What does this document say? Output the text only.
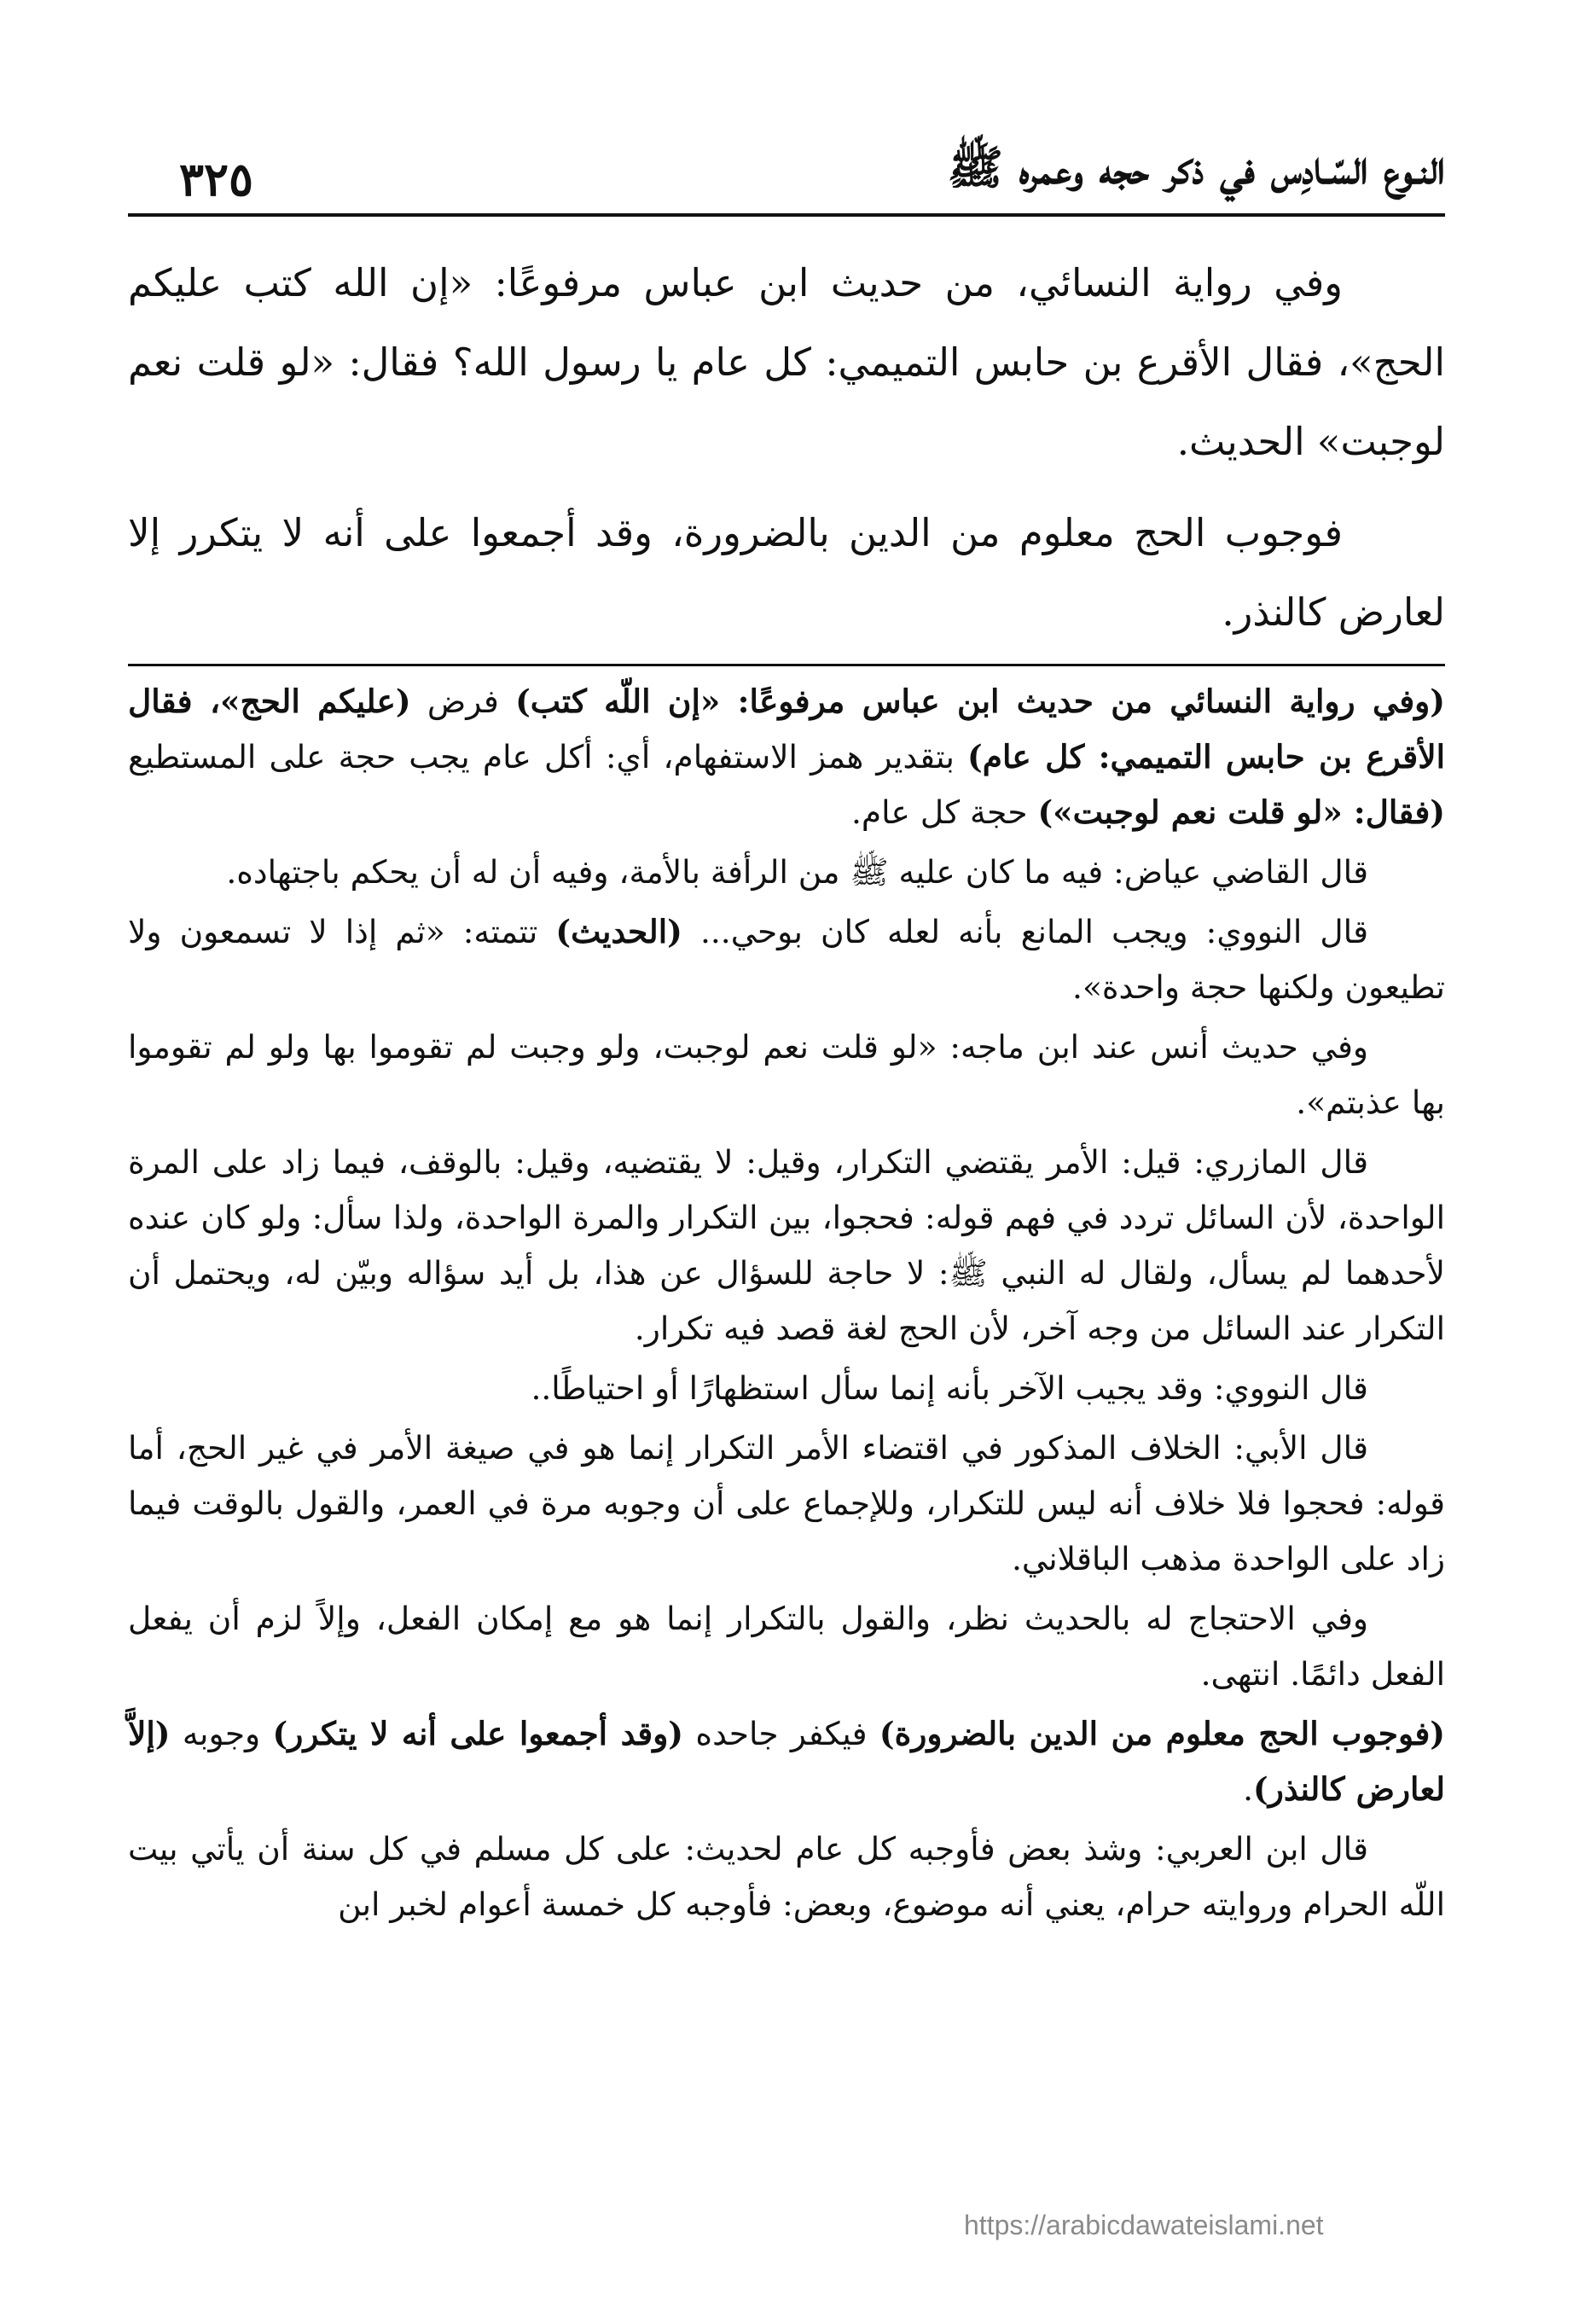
النـوع السّـادِس في ذكر حجه وعمره ﷺ
٣٢٥

وفي رواية النسائي، من حديث ابن عباس مرفوعًا: «إن الله كتب عليكم الحج»، فقال الأقرع بن حابس التميمي: كل عام يا رسول الله؟ فقال: «لو قلت نعم لوجبت» الحديث.

فوجوب الحج معلوم من الدين بالضرورة، وقد أجمعوا على أنه لا يتكرر إلا لعارض كالنذر.

(وفي رواية النسائي من حديث ابن عباس مرفوعًا: «إن اللّه كتب) فرض (عليكم الحج»، فقال الأقرع بن حابس التميمي: كل عام) بتقدير همز الاستفهام، أي: أكل عام يجب حجة على المستطيع (فقال: «لو قلت نعم لوجبت») حجة كل عام.

قال القاضي عياض: فيه ما كان عليه ﷺ من الرأفة بالأمة، وفيه أن له أن يحكم باجتهاده.

قال النووي: ويجب المانع بأنه لعله كان بوحي... (الحديث) تتمته: «ثم إذا لا تسمعون ولا تطيعون ولكنها حجة واحدة».

وفي حديث أنس عند ابن ماجه: «لو قلت نعم لوجبت، ولو وجبت لم تقوموا بها ولو لم تقوموا بها عذبتم».

قال المازري: قيل: الأمر يقتضي التكرار، وقيل: لا يقتضيه، وقيل: بالوقف، فيما زاد على المرة الواحدة، لأن السائل تردد في فهم قوله: فحجوا، بين التكرار والمرة الواحدة، ولذا سأل: ولو كان عنده لأحدهما لم يسأل، ولقال له النبي ﷺ: لا حاجة للسؤال عن هذا، بل أيد سؤاله وبيّن له، ويحتمل أن التكرار عند السائل من وجه آخر، لأن الحج لغة قصد فيه تكرار.

قال النووي: وقد يجيب الآخر بأنه إنما سأل استظهارًا أو احتياطًا..

قال الأبي: الخلاف المذكور في اقتضاء الأمر التكرار إنما هو في صيغة الأمر في غير الحج، أما قوله: فحجوا فلا خلاف أنه ليس للتكرار، وللإجماع على أن وجوبه مرة في العمر، والقول بالوقت فيما زاد على الواحدة مذهب الباقلاني.

وفي الاحتجاج له بالحديث نظر، والقول بالتكرار إنما هو مع إمكان الفعل، وإلاً لزم أن يفعل الفعل دائمًا. انتهى.

(فوجوب الحج معلوم من الدين بالضرورة) فيكفر جاحده (وقد أجمعوا على أنه لا يتكرر) وجوبه (إلاَّ لعارض كالنذر).

قال ابن العربي: وشذ بعض فأوجبه كل عام لحديث: على كل مسلم في كل سنة أن يأتي بيت اللّه الحرام وروايته حرام، يعني أنه موضوع، وبعض: فأوجبه كل خمسة أعوام لخبر ابن

https://arabicdawateislami.net
